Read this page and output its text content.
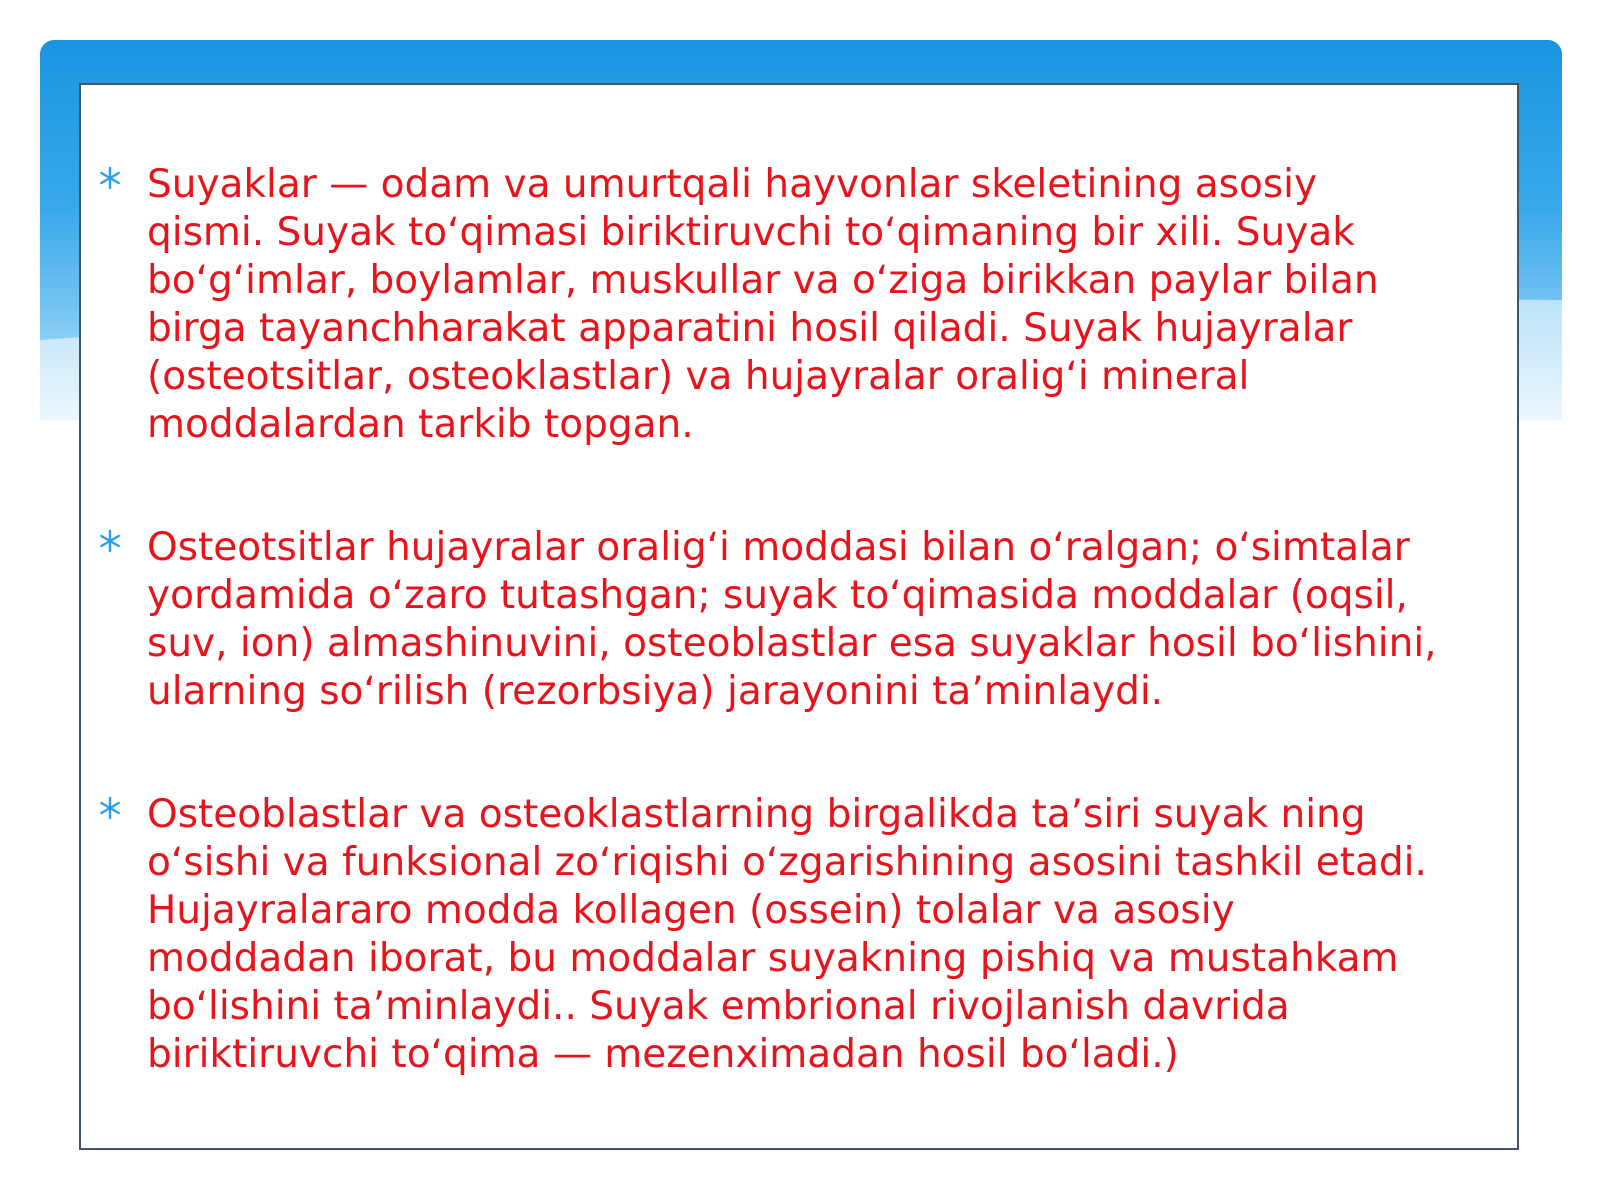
Suyaklar — odam va umurtqali hayvonlar skeletining asosiy
qismi. Suyak to‘qimasi biriktiruvchi to‘qimaning bir xili. Suyak
bo‘g‘imlar, boylamlar, muskullar va o‘ziga birikkan paylar bilan
birga tayanchharakat apparatini hosil qiladi. Suyak hujayralar
(osteotsitlar, osteoklastlar) va hujayralar oralig‘i mineral
moddalardan tarkib topgan.
Osteotsitlar hujayralar oralig‘i moddasi bilan o‘ralgan; o‘simtalar
yordamida o‘zaro tutashgan; suyak to‘qimasida moddalar (oqsil,
suv, ion) almashinuvini, osteoblastlar esa suyaklar hosil bo‘lishini,
ularning so‘rilish (rezorbsiya) jarayonini ta’minlaydi.
Osteoblastlar va osteoklastlarning birgalikda ta’siri suyak ning
o‘sishi va funksional zo‘riqishi o‘zgarishining asosini tashkil etadi.
Hujayralararo modda kollagen (ossein) tolalar va asosiy
moddadan iborat, bu moddalar suyakning pishiq va mustahkam
bo‘lishini ta’minlaydi.. Suyak embrional rivojlanish davrida
biriktiruvchi to‘qima — mezenximadan hosil bo‘ladi.)
